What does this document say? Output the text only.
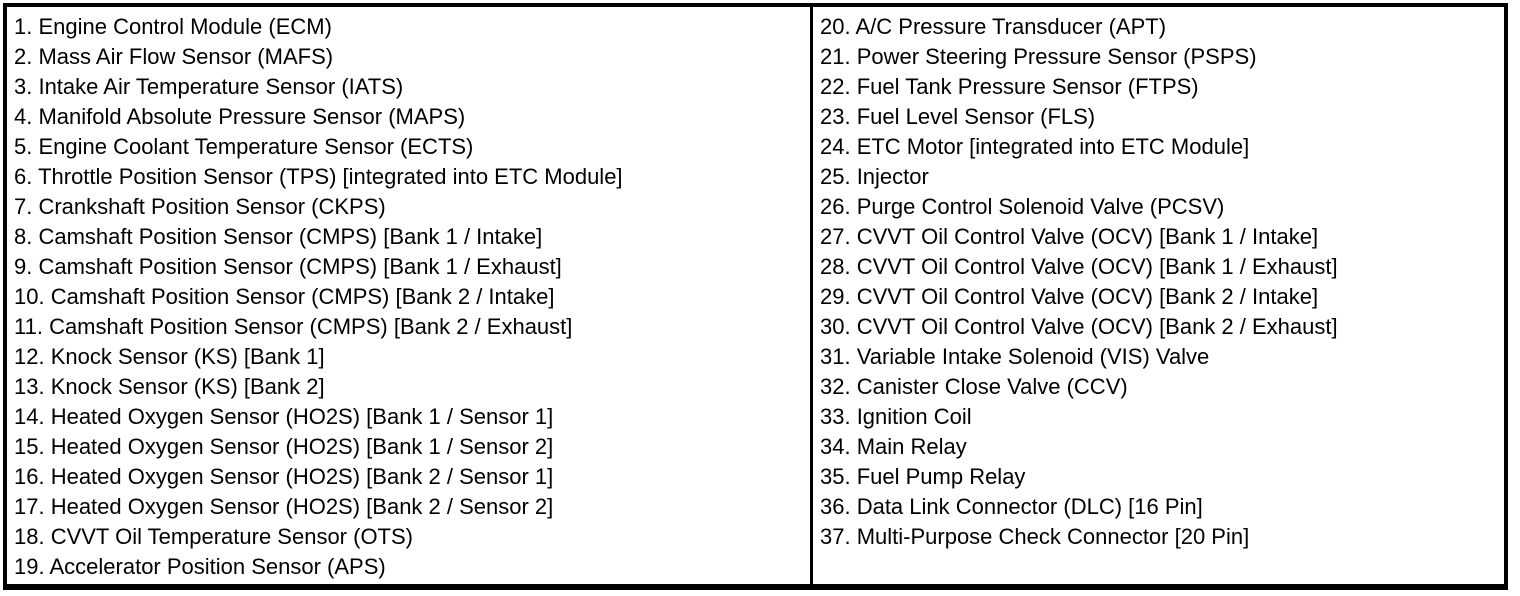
1. Engine Control Module (ECM)
2. Mass Air Flow Sensor (MAFS)
3. Intake Air Temperature Sensor (IATS)
4. Manifold Absolute Pressure Sensor (MAPS)
5. Engine Coolant Temperature Sensor (ECTS)
6. Throttle Position Sensor (TPS) [integrated into ETC Module]
7. Crankshaft Position Sensor (CKPS)
8. Camshaft Position Sensor (CMPS) [Bank 1 / Intake]
9. Camshaft Position Sensor (CMPS) [Bank 1 / Exhaust]
10. Camshaft Position Sensor (CMPS) [Bank 2 / Intake]
11. Camshaft Position Sensor (CMPS) [Bank 2 / Exhaust]
12. Knock Sensor (KS) [Bank 1]
13. Knock Sensor (KS) [Bank 2]
14. Heated Oxygen Sensor (HO2S) [Bank 1 / Sensor 1]
15. Heated Oxygen Sensor (HO2S) [Bank 1 / Sensor 2]
16. Heated Oxygen Sensor (HO2S) [Bank 2 / Sensor 1]
17. Heated Oxygen Sensor (HO2S) [Bank 2 / Sensor 2]
18. CVVT Oil Temperature Sensor (OTS)
19. Accelerator Position Sensor (APS)
20. A/C Pressure Transducer (APT)
21. Power Steering Pressure Sensor (PSPS)
22. Fuel Tank Pressure Sensor (FTPS)
23. Fuel Level Sensor (FLS)
24. ETC Motor [integrated into ETC Module]
25. Injector
26. Purge Control Solenoid Valve (PCSV)
27. CVVT Oil Control Valve (OCV) [Bank 1 / Intake]
28. CVVT Oil Control Valve (OCV) [Bank 1 / Exhaust]
29. CVVT Oil Control Valve (OCV) [Bank 2 / Intake]
30. CVVT Oil Control Valve (OCV) [Bank 2 / Exhaust]
31. Variable Intake Solenoid (VIS) Valve
32. Canister Close Valve (CCV)
33. Ignition Coil
34. Main Relay
35. Fuel Pump Relay
36. Data Link Connector (DLC) [16 Pin]
37. Multi-Purpose Check Connector [20 Pin]
